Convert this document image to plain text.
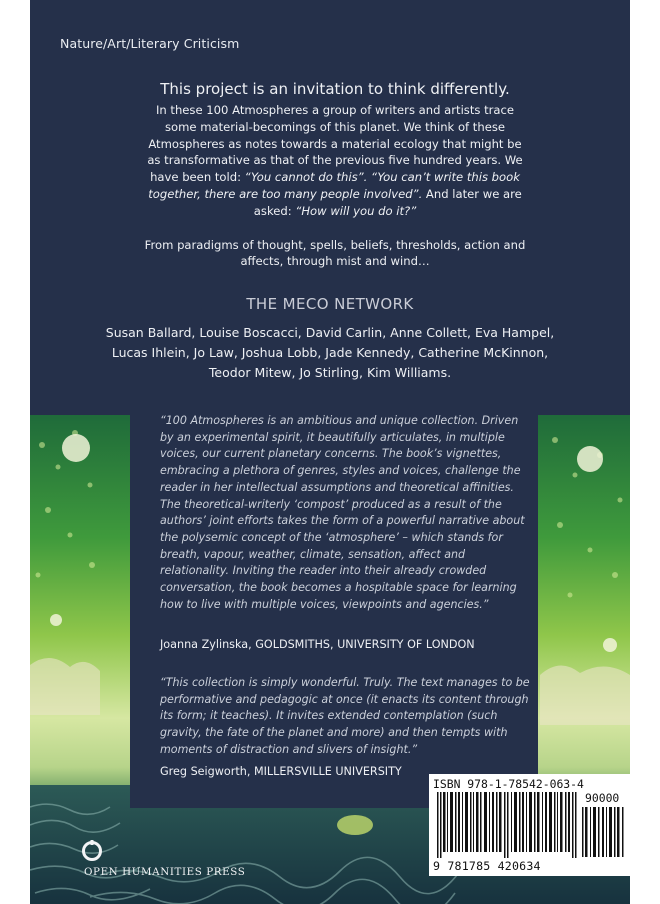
Nature/Art/Literary Criticism
This project is an invitation to think differently.
In these 100 Atmospheres a group of writers and artists trace some material-becomings of this planet. We think of these Atmospheres as notes towards a material ecology that might be as transformative as that of the previous five hundred years. We have been told: “You cannot do this”. “You can’t write this book together, there are too many people involved”. And later we are asked: “How will you do it?”
From paradigms of thought, spells, beliefs, thresholds, action and affects, through mist and wind…
THE MECO NETWORK
Susan Ballard, Louise Boscacci, David Carlin, Anne Collett, Eva Hampel, Lucas Ihlein, Jo Law, Joshua Lobb, Jade Kennedy, Catherine McKinnon, Teodor Mitew, Jo Stirling, Kim Williams.
“100 Atmospheres is an ambitious and unique collection. Driven by an experimental spirit, it beautifully articulates, in multiple voices, our current planetary concerns. The book’s vignettes, embracing a plethora of genres, styles and voices, challenge the reader in her intellectual assumptions and theoretical affinities. The theoretical-writerly ‘compost’ produced as a result of the authors’ joint efforts takes the form of a powerful narrative about the polysemic concept of the ‘atmosphere’ – which stands for breath, vapour, weather, climate, sensation, affect and relationality. Inviting the reader into their already crowded conversation, the book becomes a hospitable space for learning how to live with multiple voices, viewpoints and agencies.”
Joanna Zylinska, GOLDSMITHS, UNIVERSITY OF LONDON
“This collection is simply wonderful. Truly. The text manages to be performative and pedagogic at once (it enacts its content through its form; it teaches). It invites extended contemplation (such gravity, the fate of the planet and more) and then tempts with moments of distraction and slivers of insight.”
Greg Seigworth, MILLERSVILLE UNIVERSITY
OPEN HUMANITIES PRESS
ISBN 978-1-78542-063-4
90000
9 781785 420634
